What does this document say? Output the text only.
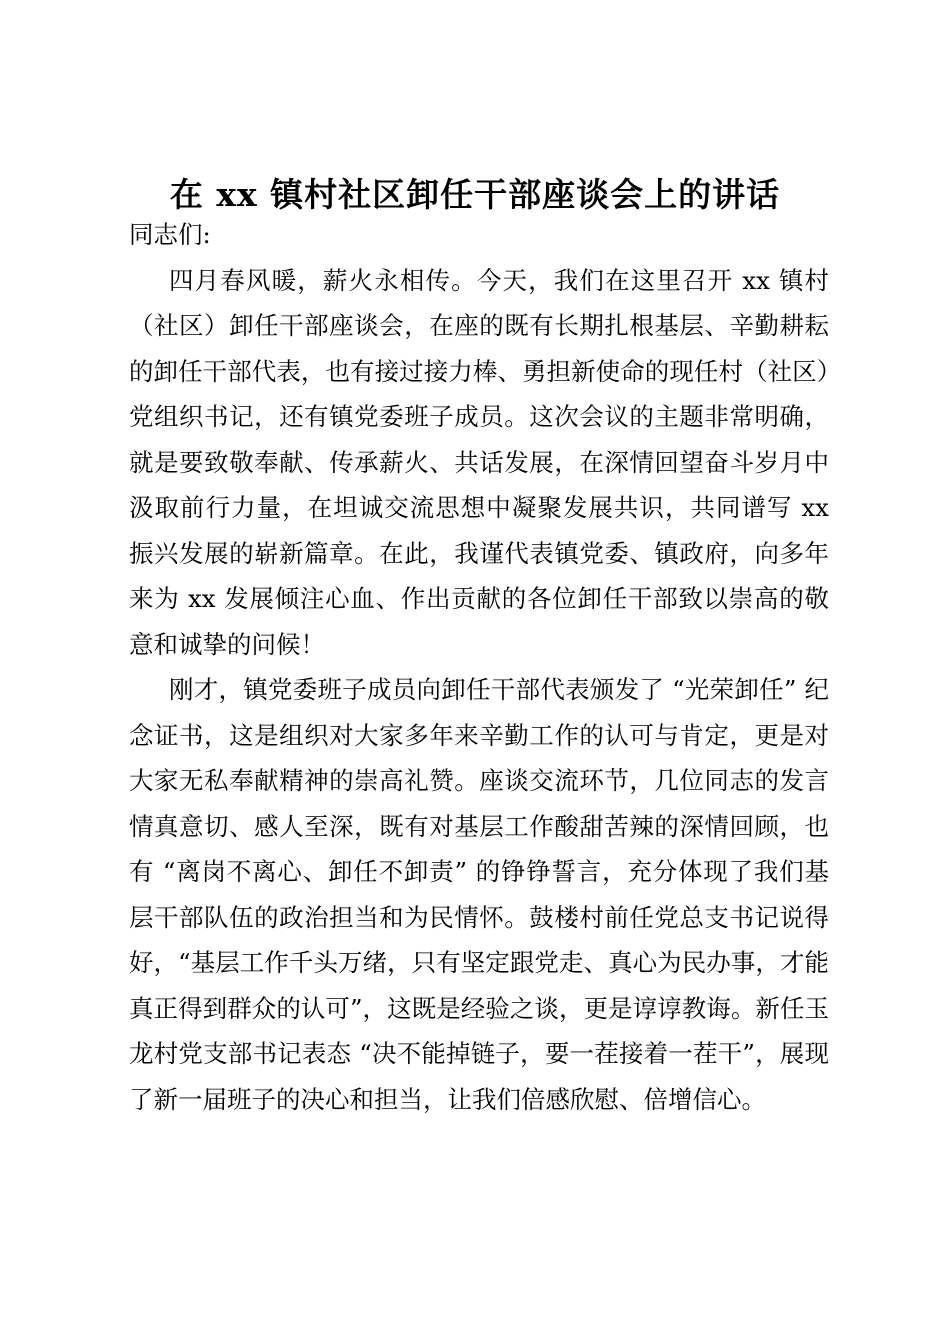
在 xx 镇村社区卸任干部座谈会上的讲话

同志们:

四月春风暖，薪火永相传。今天，我们在这里召开 xx 镇村（社区）卸任干部座谈会，在座的既有长期扎根基层、辛勤耕耘的卸任干部代表，也有接过接力棒、勇担新使命的现任村（社区）党组织书记，还有镇党委班子成员。这次会议的主题非常明确，就是要致敬奉献、传承薪火、共话发展，在深情回望奋斗岁月中汲取前行力量，在坦诚交流思想中凝聚发展共识，共同谱写 xx 振兴发展的崭新篇章。在此，我谨代表镇党委、镇政府，向多年来为 xx 发展倾注心血、作出贡献的各位卸任干部致以崇高的敬意和诚挚的问候！

刚才，镇党委班子成员向卸任干部代表颁发了 “光荣卸任” 纪念证书，这是组织对大家多年来辛勤工作的认可与肯定，更是对大家无私奉献精神的崇高礼赞。座谈交流环节，几位同志的发言情真意切、感人至深，既有对基层工作酸甜苦辣的深情回顾，也有 “离岗不离心、卸任不卸责” 的铮铮誓言，充分体现了我们基层干部队伍的政治担当和为民情怀。鼓楼村前任党总支书记说得好，“基层工作千头万绪，只有坚定跟党走、真心为民办事，才能真正得到群众的认可”，这既是经验之谈，更是谆谆教诲。新任玉龙村党支部书记表态 “决不能掉链子，要一茬接着一茬干”，展现了新一届班子的决心和担当，让我们倍感欣慰、倍增信心。
